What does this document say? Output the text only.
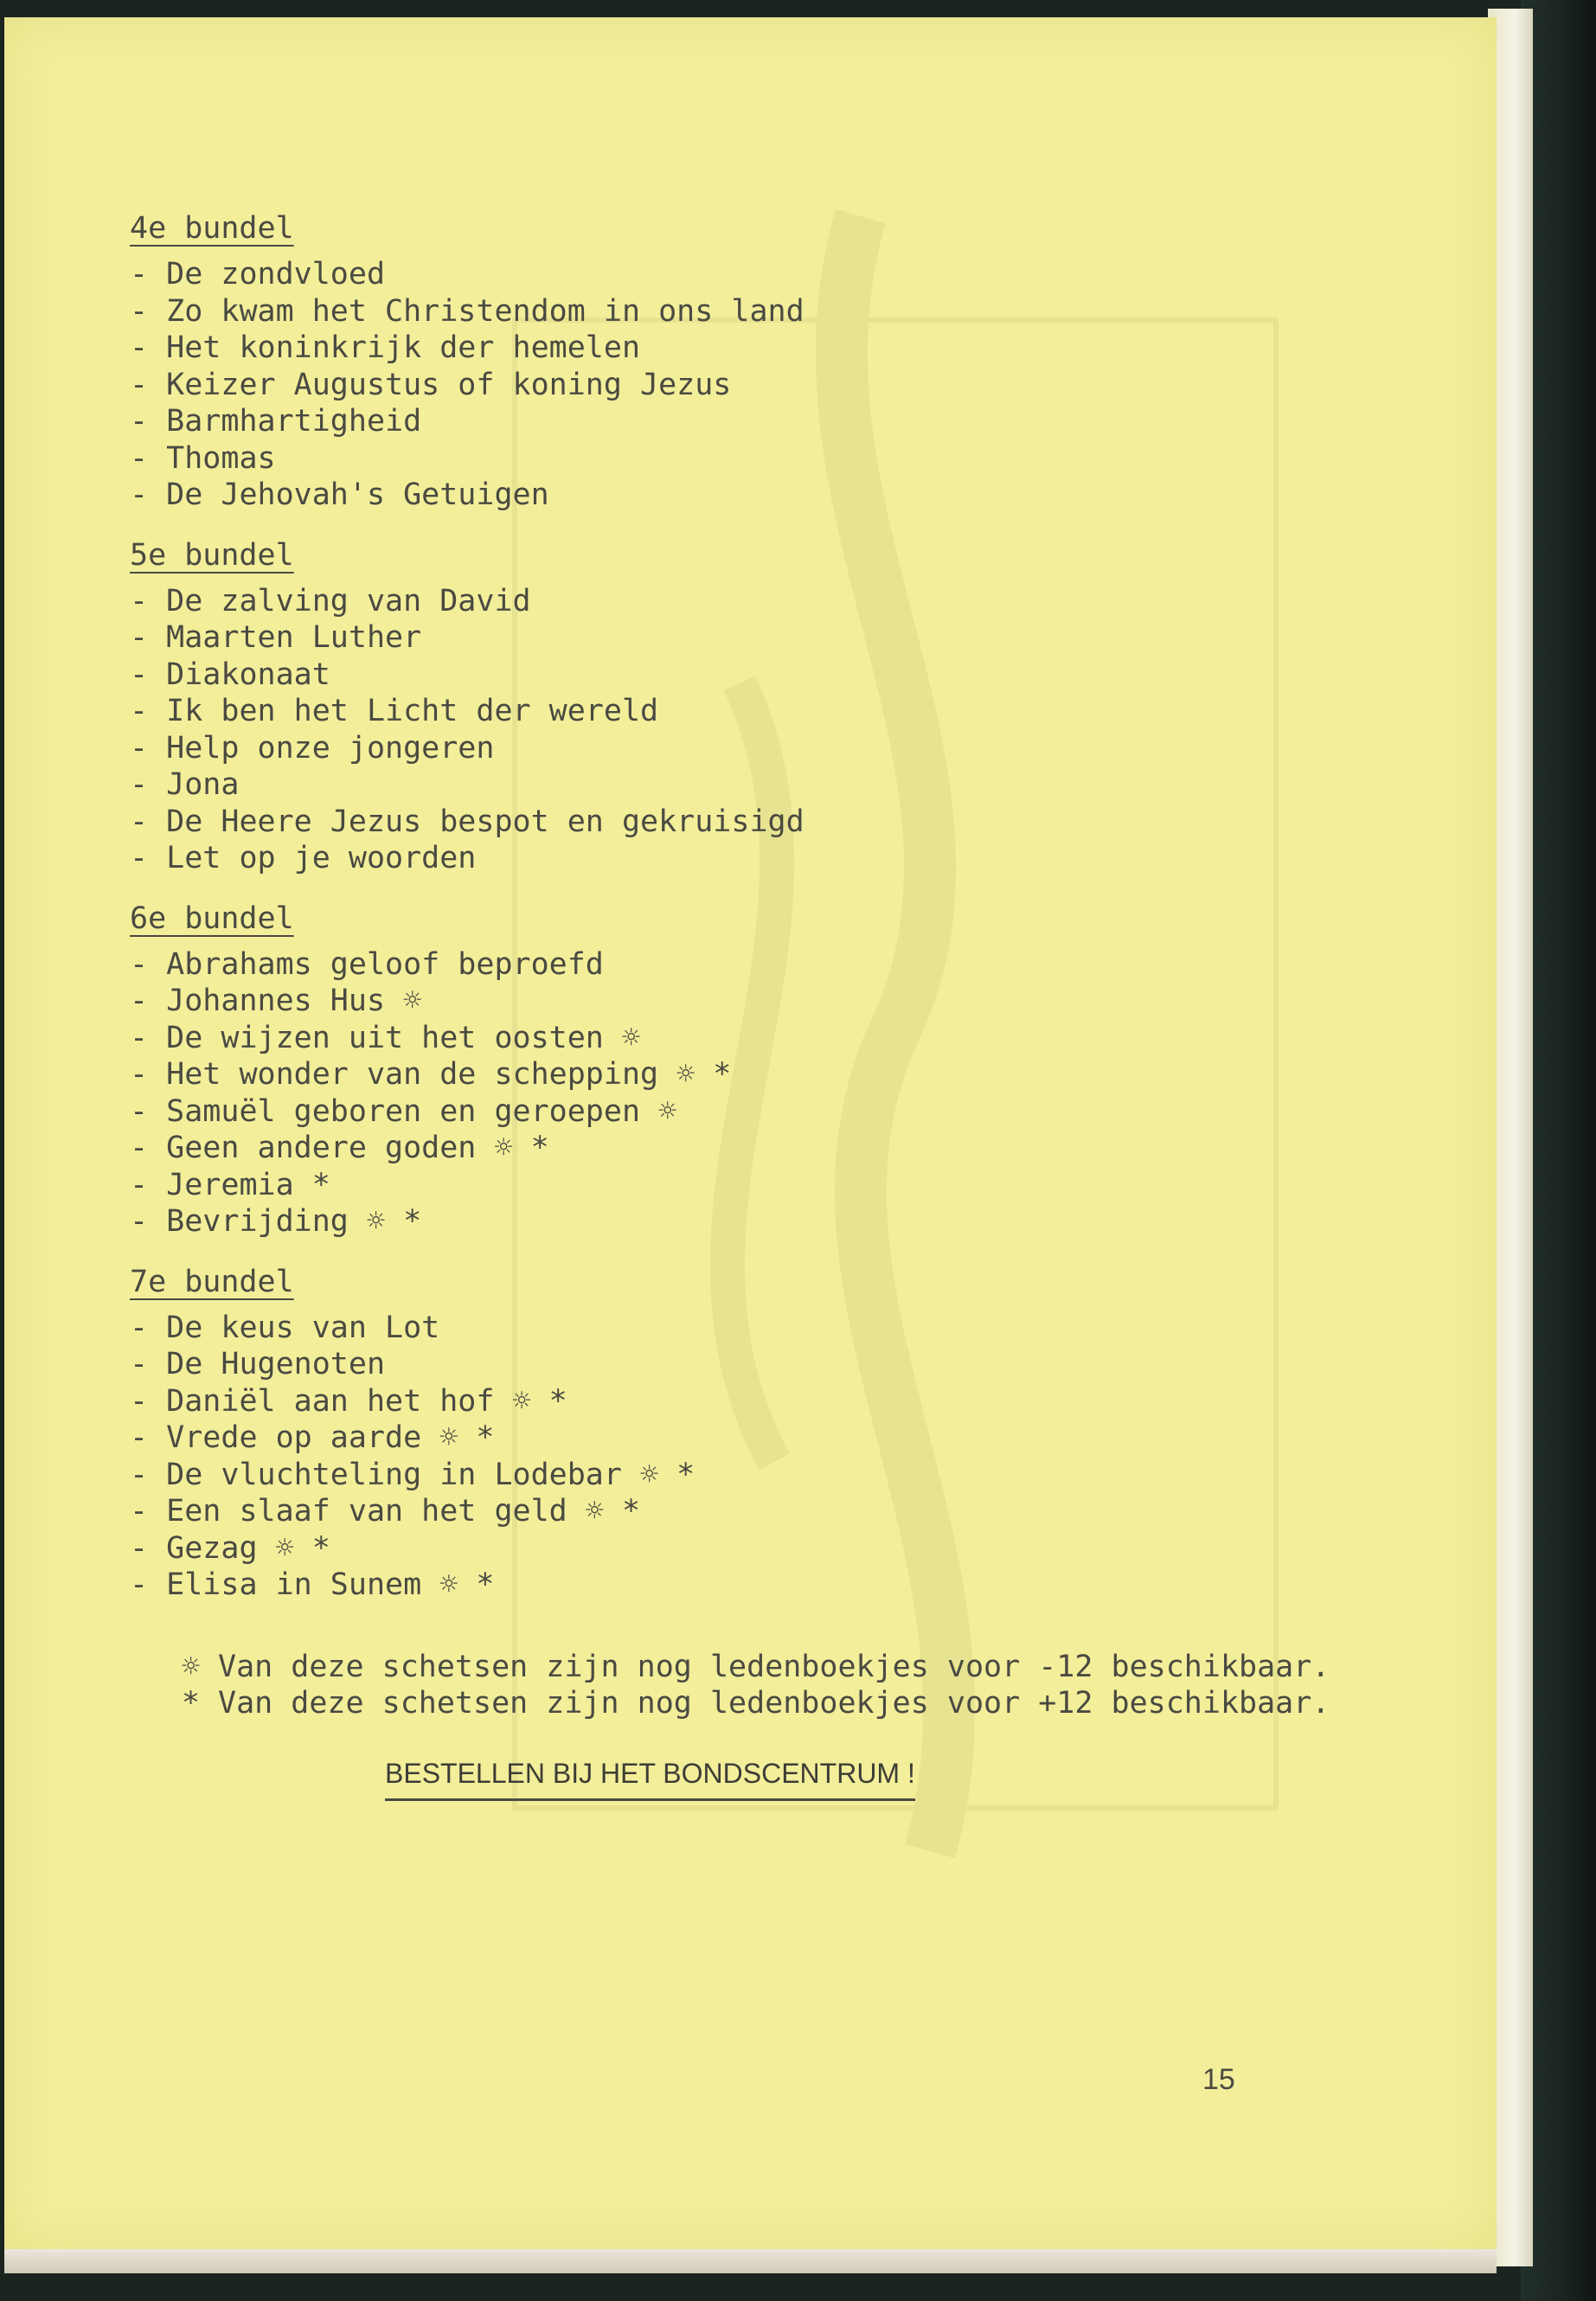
4e bundel
- De zondvloed
- Zo kwam het Christendom in ons land
- Het koninkrijk der hemelen
- Keizer Augustus of koning Jezus
- Barmhartigheid
- Thomas
- De Jehovah's Getuigen
5e bundel
- De zalving van David
- Maarten Luther
- Diakonaat
- Ik ben het Licht der wereld
- Help onze jongeren
- Jona
- De Heere Jezus bespot en gekruisigd
- Let op je woorden
6e bundel
- Abrahams geloof beproefd
- Johannes Hus ☼
- De wijzen uit het oosten ☼
- Het wonder van de schepping ☼ *
- Samuël geboren en geroepen ☼
- Geen andere goden ☼ *
- Jeremia *
- Bevrijding ☼ *
7e bundel
- De keus van Lot
- De Hugenoten
- Daniël aan het hof ☼ *
- Vrede op aarde ☼ *
- De vluchteling in Lodebar ☼ *
- Een slaaf van het geld ☼ *
- Gezag ☼ *
- Elisa in Sunem ☼ *
☼ Van deze schetsen zijn nog ledenboekjes voor -12 beschikbaar.
* Van deze schetsen zijn nog ledenboekjes voor +12 beschikbaar.
BESTELLEN BIJ HET BONDSCENTRUM !
15
